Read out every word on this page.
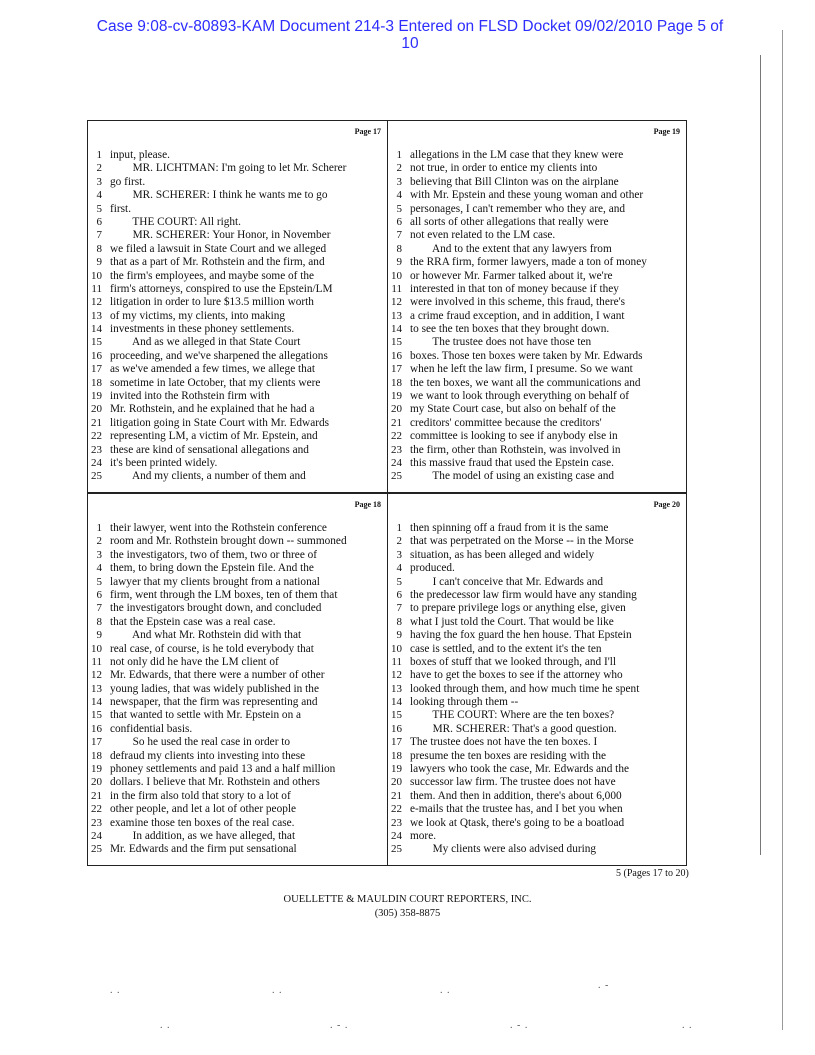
Case 9:08-cv-80893-KAM Document 214-3 Entered on FLSD Docket 09/02/2010 Page 5 of
10
Page 17
1 input, please.
2 MR. LICHTMAN: I'm going to let Mr. Scherer
3 go first.
4 MR. SCHERER: I think he wants me to go
5 first.
6 THE COURT: All right.
7 MR. SCHERER: Your Honor, in November
8 we filed a lawsuit in State Court and we alleged
9 that as a part of Mr. Rothstein and the firm, and
10 the firm's employees, and maybe some of the
11 firm's attorneys, conspired to use the Epstein/LM
12 litigation in order to lure $13.5 million worth
13 of my victims, my clients, into making
14 investments in these phoney settlements.
15 And as we alleged in that State Court
16 proceeding, and we've sharpened the allegations
17 as we've amended a few times, we allege that
18 sometime in late October, that my clients were
19 invited into the Rothstein firm with
20 Mr. Rothstein, and he explained that he had a
21 litigation going in State Court with Mr. Edwards
22 representing LM, a victim of Mr. Epstein, and
23 these are kind of sensational allegations and
24 it's been printed widely.
25 And my clients, a number of them and
Page 19
1 allegations in the LM case that they knew were
2 not true, in order to entice my clients into
3 believing that Bill Clinton was on the airplane
4 with Mr. Epstein and these young woman and other
5 personages, I can't remember who they are, and
6 all sorts of other allegations that really were
7 not even related to the LM case.
8 And to the extent that any lawyers from
9 the RRA firm, former lawyers, made a ton of money
10 or however Mr. Farmer talked about it, we're
11 interested in that ton of money because if they
12 were involved in this scheme, this fraud, there's
13 a crime fraud exception, and in addition, I want
14 to see the ten boxes that they brought down.
15 The trustee does not have those ten
16 boxes. Those ten boxes were taken by Mr. Edwards
17 when he left the law firm, I presume. So we want
18 the ten boxes, we want all the communications and
19 we want to look through everything on behalf of
20 my State Court case, but also on behalf of the
21 creditors' committee because the creditors'
22 committee is looking to see if anybody else in
23 the firm, other than Rothstein, was involved in
24 this massive fraud that used the Epstein case.
25 The model of using an existing case and
Page 18
1 their lawyer, went into the Rothstein conference
2 room and Mr. Rothstein brought down -- summoned
3 the investigators, two of them, two or three of
4 them, to bring down the Epstein file. And the
5 lawyer that my clients brought from a national
6 firm, went through the LM boxes, ten of them that
7 the investigators brought down, and concluded
8 that the Epstein case was a real case.
9 And what Mr. Rothstein did with that
10 real case, of course, is he told everybody that
11 not only did he have the LM client of
12 Mr. Edwards, that there were a number of other
13 young ladies, that was widely published in the
14 newspaper, that the firm was representing and
15 that wanted to settle with Mr. Epstein on a
16 confidential basis.
17 So he used the real case in order to
18 defraud my clients into investing into these
19 phoney settlements and paid 13 and a half million
20 dollars. I believe that Mr. Rothstein and others
21 in the firm also told that story to a lot of
22 other people, and let a lot of other people
23 examine those ten boxes of the real case.
24 In addition, as we have alleged, that
25 Mr. Edwards and the firm put sensational
Page 20
1 then spinning off a fraud from it is the same
2 that was perpetrated on the Morse -- in the Morse
3 situation, as has been alleged and widely
4 produced.
5 I can't conceive that Mr. Edwards and
6 the predecessor law firm would have any standing
7 to prepare privilege logs or anything else, given
8 what I just told the Court. That would be like
9 having the fox guard the hen house. That Epstein
10 case is settled, and to the extent it's the ten
11 boxes of stuff that we looked through, and I'll
12 have to get the boxes to see if the attorney who
13 looked through them, and how much time he spent
14 looking through them --
15 THE COURT: Where are the ten boxes?
16 MR. SCHERER: That's a good question.
17 The trustee does not have the ten boxes. I
18 presume the ten boxes are residing with the
19 lawyers who took the case, Mr. Edwards and the
20 successor law firm. The trustee does not have
21 them. And then in addition, there's about 6,000
22 e-mails that the trustee has, and I bet you when
23 we look at Qtask, there's going to be a boatload
24 more.
25 My clients were also advised during
5 (Pages 17 to 20)
OUELLETTE & MAULDIN COURT REPORTERS, INC.
(305) 358-8875
. .	. .	. .	. -
. .	. - .	. - .	. .
